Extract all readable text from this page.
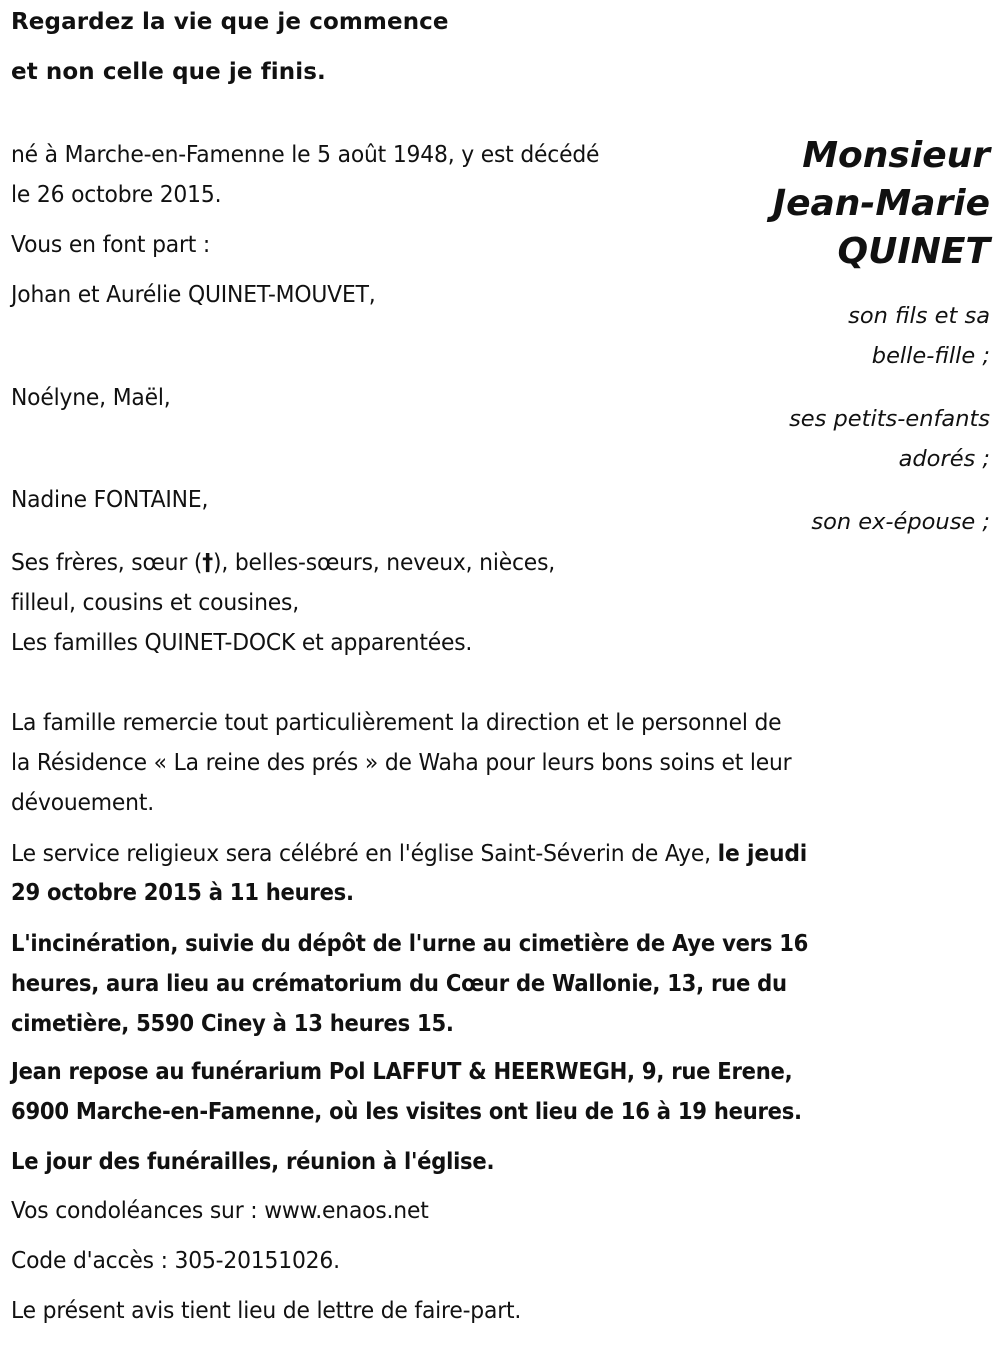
Regardez la vie que je commence
et non celle que je finis.
Monsieur
Jean-Marie
QUINET
né à Marche-en-Famenne le 5 août 1948, y est décédé
le 26 octobre 2015.
Vous en font part :
Johan et Aurélie QUINET-MOUVET,
Noélyne, Maël,
Nadine FONTAINE,
son fils et sa
belle-fille ;
ses petits-enfants
adorés ;
son ex-épouse ;
Ses frères, sœur (†), belles-sœurs, neveux, nièces,
filleul, cousins et cousines,
Les familles QUINET-DOCK et apparentées.
La famille remercie tout particulièrement la direction et le personnel de
la Résidence « La reine des prés » de Waha pour leurs bons soins et leur
dévouement.
Le service religieux sera célébré en l'église Saint-Séverin de Aye, le jeudi
29 octobre 2015 à 11 heures.
L'incinération, suivie du dépôt de l'urne au cimetière de Aye vers 16
heures, aura lieu au crématorium du Cœur de Wallonie, 13, rue du
cimetière, 5590 Ciney à 13 heures 15.
Jean repose au funérarium Pol LAFFUT & HEERWEGH, 9, rue Erene,
6900 Marche-en-Famenne, où les visites ont lieu de 16 à 19 heures.
Le jour des funérailles, réunion à l'église.
Vos condoléances sur : www.enaos.net
Code d'accès : 305-20151026.
Le présent avis tient lieu de lettre de faire-part.
